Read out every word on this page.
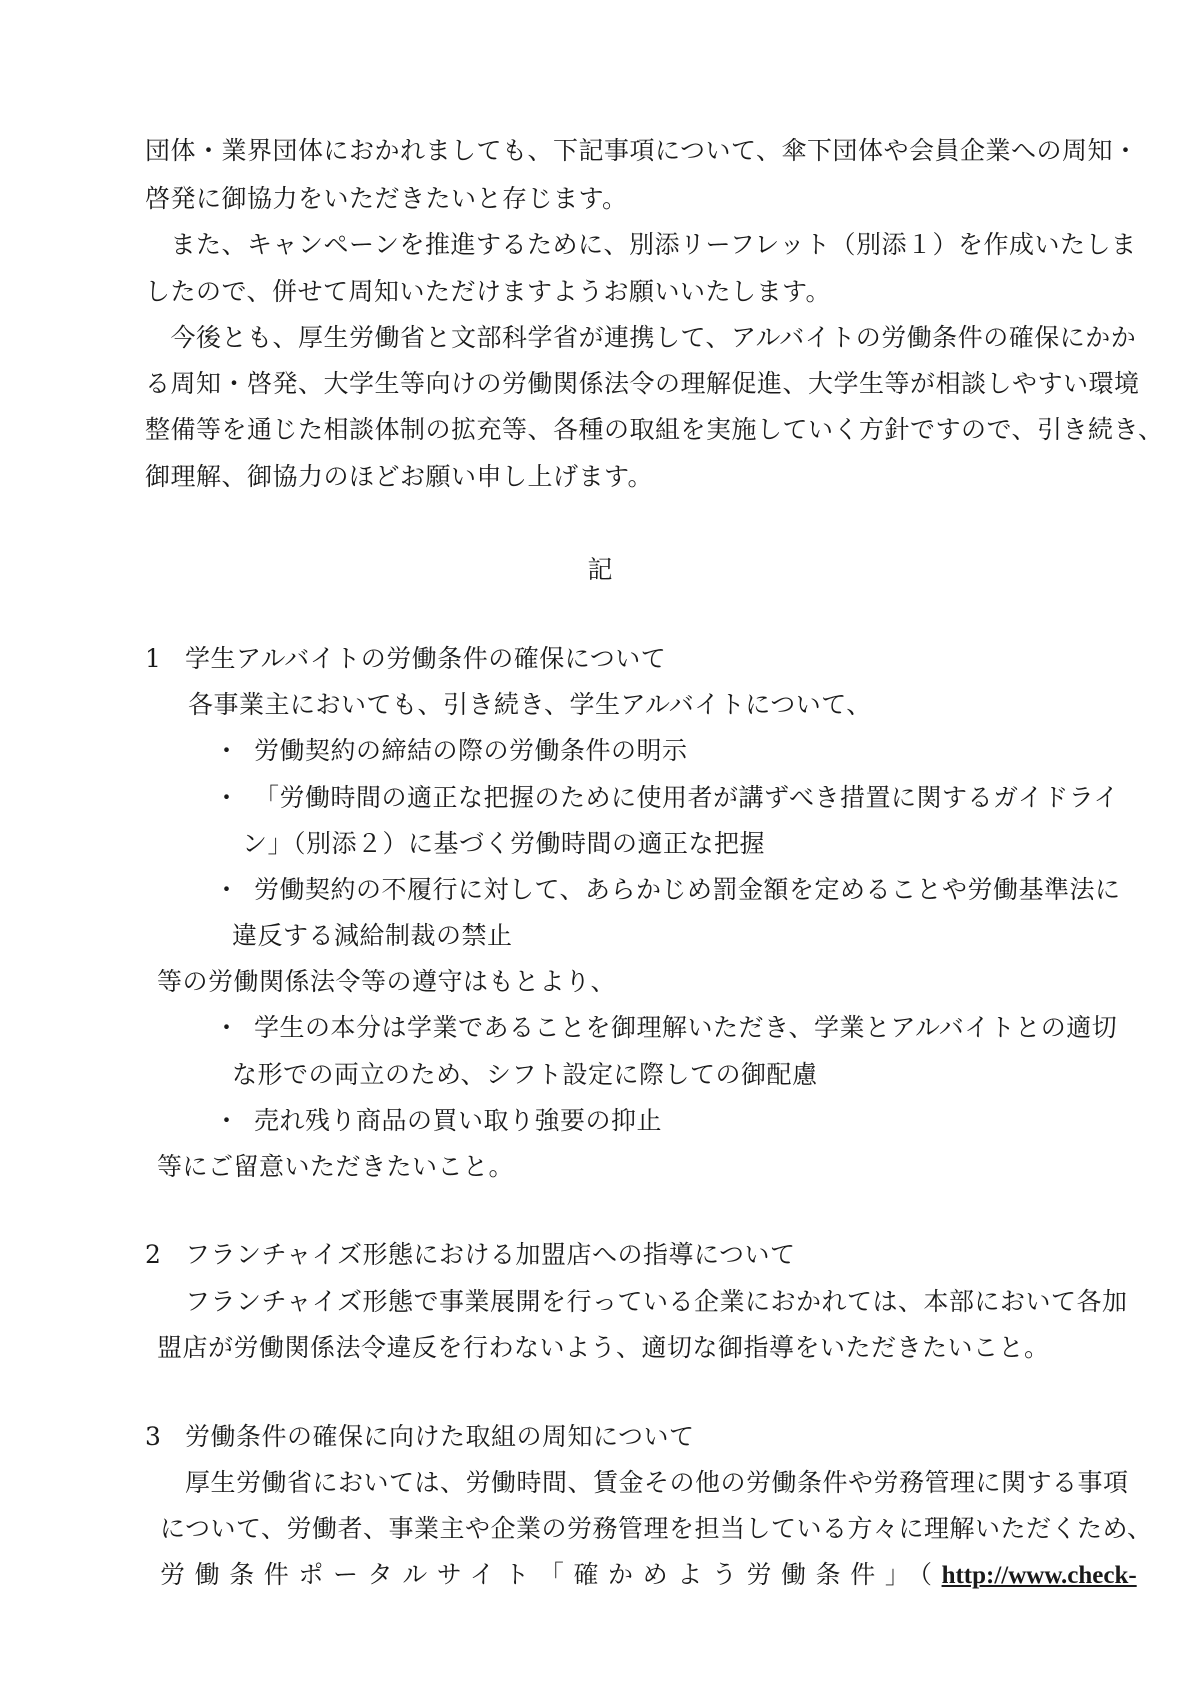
団体・業界団体におかれましても、下記事項について、傘下団体や会員企業への周知・
啓発に御協力をいただきたいと存じます。
　また、キャンペーンを推進するために、別添リーフレット（別添１）を作成いたしま
したので、併せて周知いただけますようお願いいたします。
　今後とも、厚生労働省と文部科学省が連携して、アルバイトの労働条件の確保にかか
る周知・啓発、大学生等向けの労働関係法令の理解促進、大学生等が相談しやすい環境
整備等を通じた相談体制の拡充等、各種の取組を実施していく方針ですので、引き続き、
御理解、御協力のほどお願い申し上げます。
記
1 学生アルバイトの労働条件の確保について
各事業主においても、引き続き、学生アルバイトについて、
・ 労働契約の締結の際の労働条件の明示
・ 「労働時間の適正な把握のために使用者が講ずべき措置に関するガイドライ
ン」（別添２）に基づく労働時間の適正な把握
・ 労働契約の不履行に対して、あらかじめ罰金額を定めることや労働基準法に
違反する減給制裁の禁止
等の労働関係法令等の遵守はもとより、
・ 学生の本分は学業であることを御理解いただき、学業とアルバイトとの適切
な形での両立のため、シフト設定に際しての御配慮
・ 売れ残り商品の買い取り強要の抑止
等にご留意いただきたいこと。
2 フランチャイズ形態における加盟店への指導について
フランチャイズ形態で事業展開を行っている企業におかれては、本部において各加
盟店が労働関係法令違反を行わないよう、適切な御指導をいただきたいこと。
3 労働条件の確保に向けた取組の周知について
厚生労働省においては、労働時間、賃金その他の労働条件や労務管理に関する事項
について、労働者、事業主や企業の労務管理を担当している方々に理解いただくため、
労働条件ポータルサイト「確かめよう労働条件」（http://www.check-
